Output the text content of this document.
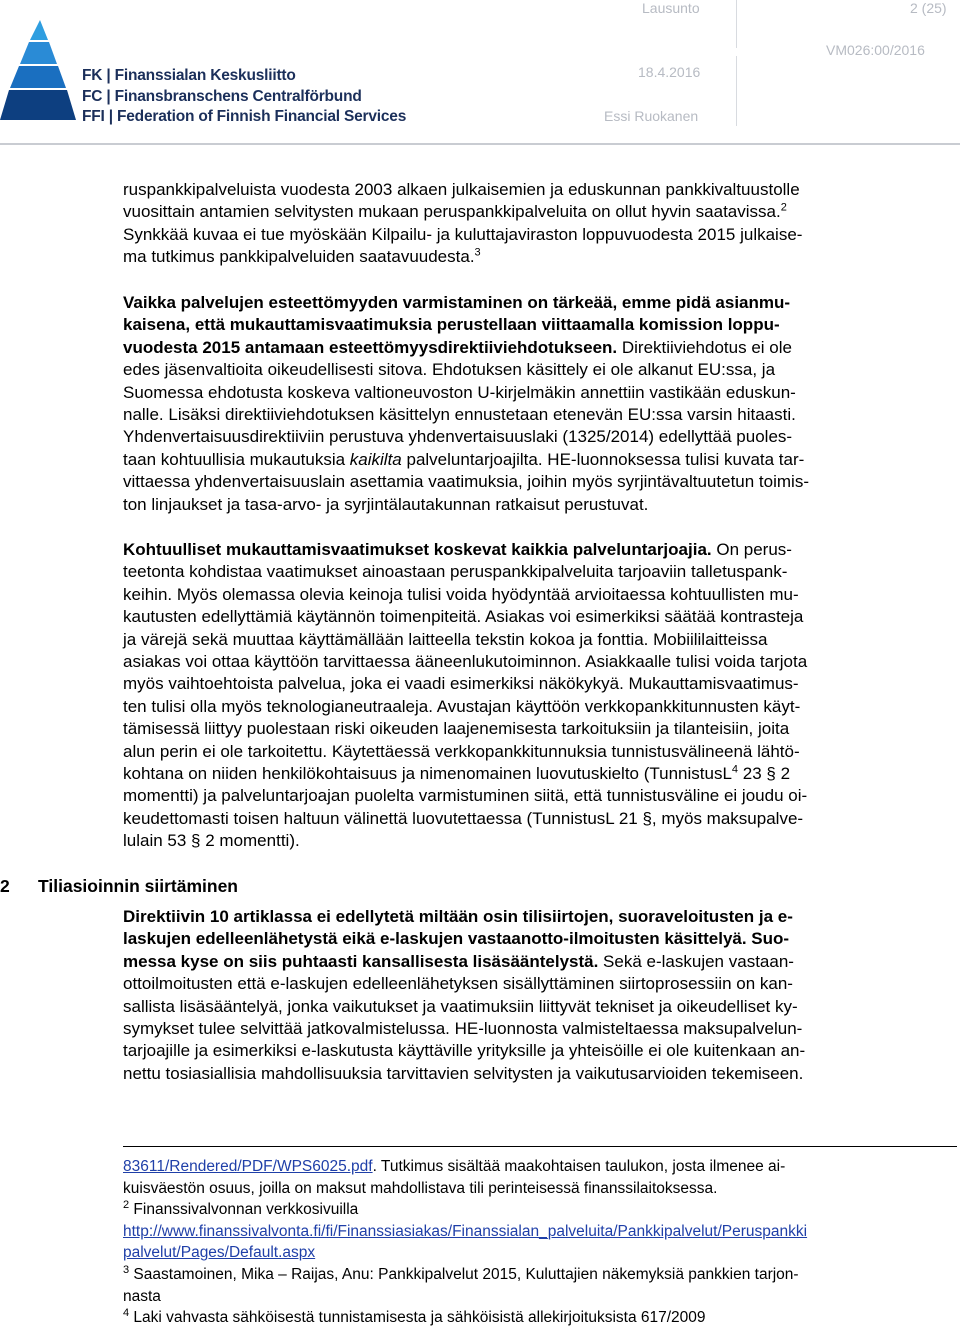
FK | Finanssialan Keskusliitto
FC | Finansbranschens Centralförbund
FFI | Federation of Finnish Financial Services
Lausunto	2 (25)
VM026:00/2016
18.4.2016
Essi Ruokanen
ruspankkipalveluista vuodesta 2003 alkaen julkaisemien ja eduskunnan pankkivaltuustolle
vuosittain antamien selvitysten mukaan peruspankkipalveluita on ollut hyvin saatavissa.$^2$
Synkkää kuvaa ei tue myöskään Kilpailu- ja kuluttajaviraston loppuvuodesta 2015 julkaise-
ma tutkimus pankkipalveluiden saatavuudesta.$^3$
Vaikka palvelujen esteettömyyden varmistaminen on tärkeää, emme pidä asianmu-
kaisena, että mukauttamisvaatimuksia perustellaan viittaamalla komission loppu-
vuodesta 2015 antamaan esteettömyysdirektiiviehdotukseen. Direktiiviehdotus ei ole
edes jäsenvaltioita oikeudellisesti sitova. Ehdotuksen käsittely ei ole alkanut EU:ssa, ja
Suomessa ehdotusta koskeva valtioneuvoston U-kirjelmäkin annettiin vastikään eduskun-
nalle. Lisäksi direktiiviehdotuksen käsittelyn ennustetaan etenevän EU:ssa varsin hitaasti.
Yhdenvertaisuusdirektiiviin perustuva yhdenvertaisuuslaki (1325/2014) edellyttää puoles-
taan kohtuullisia mukautuksia kaikilta palveluntarjoajilta. HE-luonnoksessa tulisi kuvata tar-
vittaessa yhdenvertaisuuslain asettamia vaatimuksia, joihin myös syrjintävaltuutetun toimis-
ton linjaukset ja tasa-arvo- ja syrjintälautakunnan ratkaisut perustuvat.
Kohtuulliset mukauttamisvaatimukset koskevat kaikkia palveluntarjoajia. On perus-
teetonta kohdistaa vaatimukset ainoastaan peruspankkipalveluita tarjoaviin talletuspank-
keihin. Myös olemassa olevia keinoja tulisi voida hyödyntää arvioitaessa kohtuullisten mu-
kautusten edellyttämiä käytännön toimenpiteitä. Asiakas voi esimerkiksi säätää kontrasteja
ja värejä sekä muuttaa käyttämällään laitteella tekstin kokoa ja fonttia. Mobiililaitteissa
asiakas voi ottaa käyttöön tarvittaessa ääneenlukutoiminnon. Asiakkaalle tulisi voida tarjota
myös vaihtoehtoista palvelua, joka ei vaadi esimerkiksi näkökykyä. Mukauttamisvaatimus-
ten tulisi olla myös teknologianeutraaleja. Avustajan käyttöön verkkopankkitunnusten käyt-
tämisessä liittyy puolestaan riski oikeuden laajenemisesta tarkoituksiin ja tilanteisiin, joita
alun perin ei ole tarkoitettu. Käytettäessä verkkopankkitunnuksia tunnistusvälineenä lähtö-
kohtana on niiden henkilökohtaisuus ja nimenomainen luovutuskielto (TunnistusL$^4$ 23 § 2
momentti) ja palveluntarjoajan puolelta varmistuminen siitä, että tunnistusväline ei joudu oi-
keudettomasti toisen haltuun välinettä luovutettaessa (TunnistusL 21 §, myös maksupalve-
lulain 53 § 2 momentti).
2 Tiliasioinnin siirtäminen
Direktiivin 10 artiklassa ei edellytetä miltään osin tilisiirtojen, suoraveloitusten ja e-
laskujen edelleenlähetystä eikä e-laskujen vastaanotto-ilmoitusten käsittelyä. Suo-
messa kyse on siis puhtaasti kansallisesta lisäsääntelystä. Sekä e-laskujen vastaan-
ottoilmoitusten että e-laskujen edelleenlähetyksen sisällyttäminen siirtoprosessiin on kan-
sallista lisäsääntelyä, jonka vaikutukset ja vaatimuksiin liittyvät tekniset ja oikeudelliset ky-
symykset tulee selvittää jatkovalmistelussa. HE-luonnosta valmisteltaessa maksupalvelun-
tarjoajille ja esimerkiksi e-laskutusta käyttäville yrityksille ja yhteisöille ei ole kuitenkaan an-
nettu tosiasiallisia mahdollisuuksia tarvittavien selvitysten ja vaikutusarvioiden tekemiseen.
83611/Rendered/PDF/WPS6025.pdf. Tutkimus sisältää maakohtaisen taulukon, josta ilmenee ai-
kuisväestön osuus, joilla on maksut mahdollistava tili perinteisessä finanssilaitoksessa.
$^2$ Finanssivalvonnan verkkosivuilla
http://www.finanssivalvonta.fi/fi/Finanssiasiakas/Finanssialan_palveluita/Pankkipalvelut/Peruspankki
palvelut/Pages/Default.aspx
$^3$ Saastamoinen, Mika – Raijas, Anu: Pankkipalvelut 2015, Kuluttajien näkemyksiä pankkien tarjon-
nasta
$^4$ Laki vahvasta sähköisestä tunnistamisesta ja sähköisistä allekirjoituksista 617/2009
